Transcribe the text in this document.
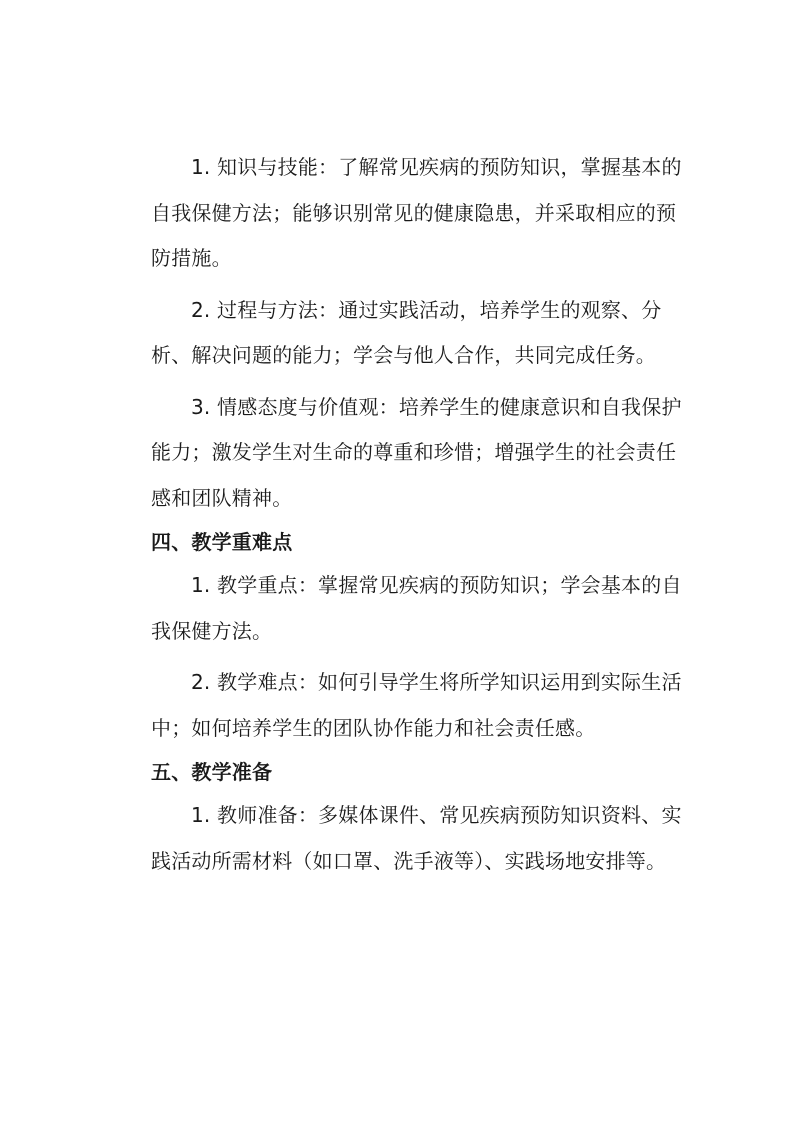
1. 知识与技能：了解常见疾病的预防知识，掌握基本的自我保健方法；能够识别常见的健康隐患，并采取相应的预防措施。

2. 过程与方法：通过实践活动，培养学生的观察、分析、解决问题的能力；学会与他人合作，共同完成任务。

3. 情感态度与价值观：培养学生的健康意识和自我保护能力；激发学生对生命的尊重和珍惜；增强学生的社会责任感和团队精神。

四、教学重难点

1. 教学重点：掌握常见疾病的预防知识；学会基本的自我保健方法。

2. 教学难点：如何引导学生将所学知识运用到实际生活中；如何培养学生的团队协作能力和社会责任感。

五、教学准备

1. 教师准备：多媒体课件、常见疾病预防知识资料、实践活动所需材料（如口罩、洗手液等）、实践场地安排等。
